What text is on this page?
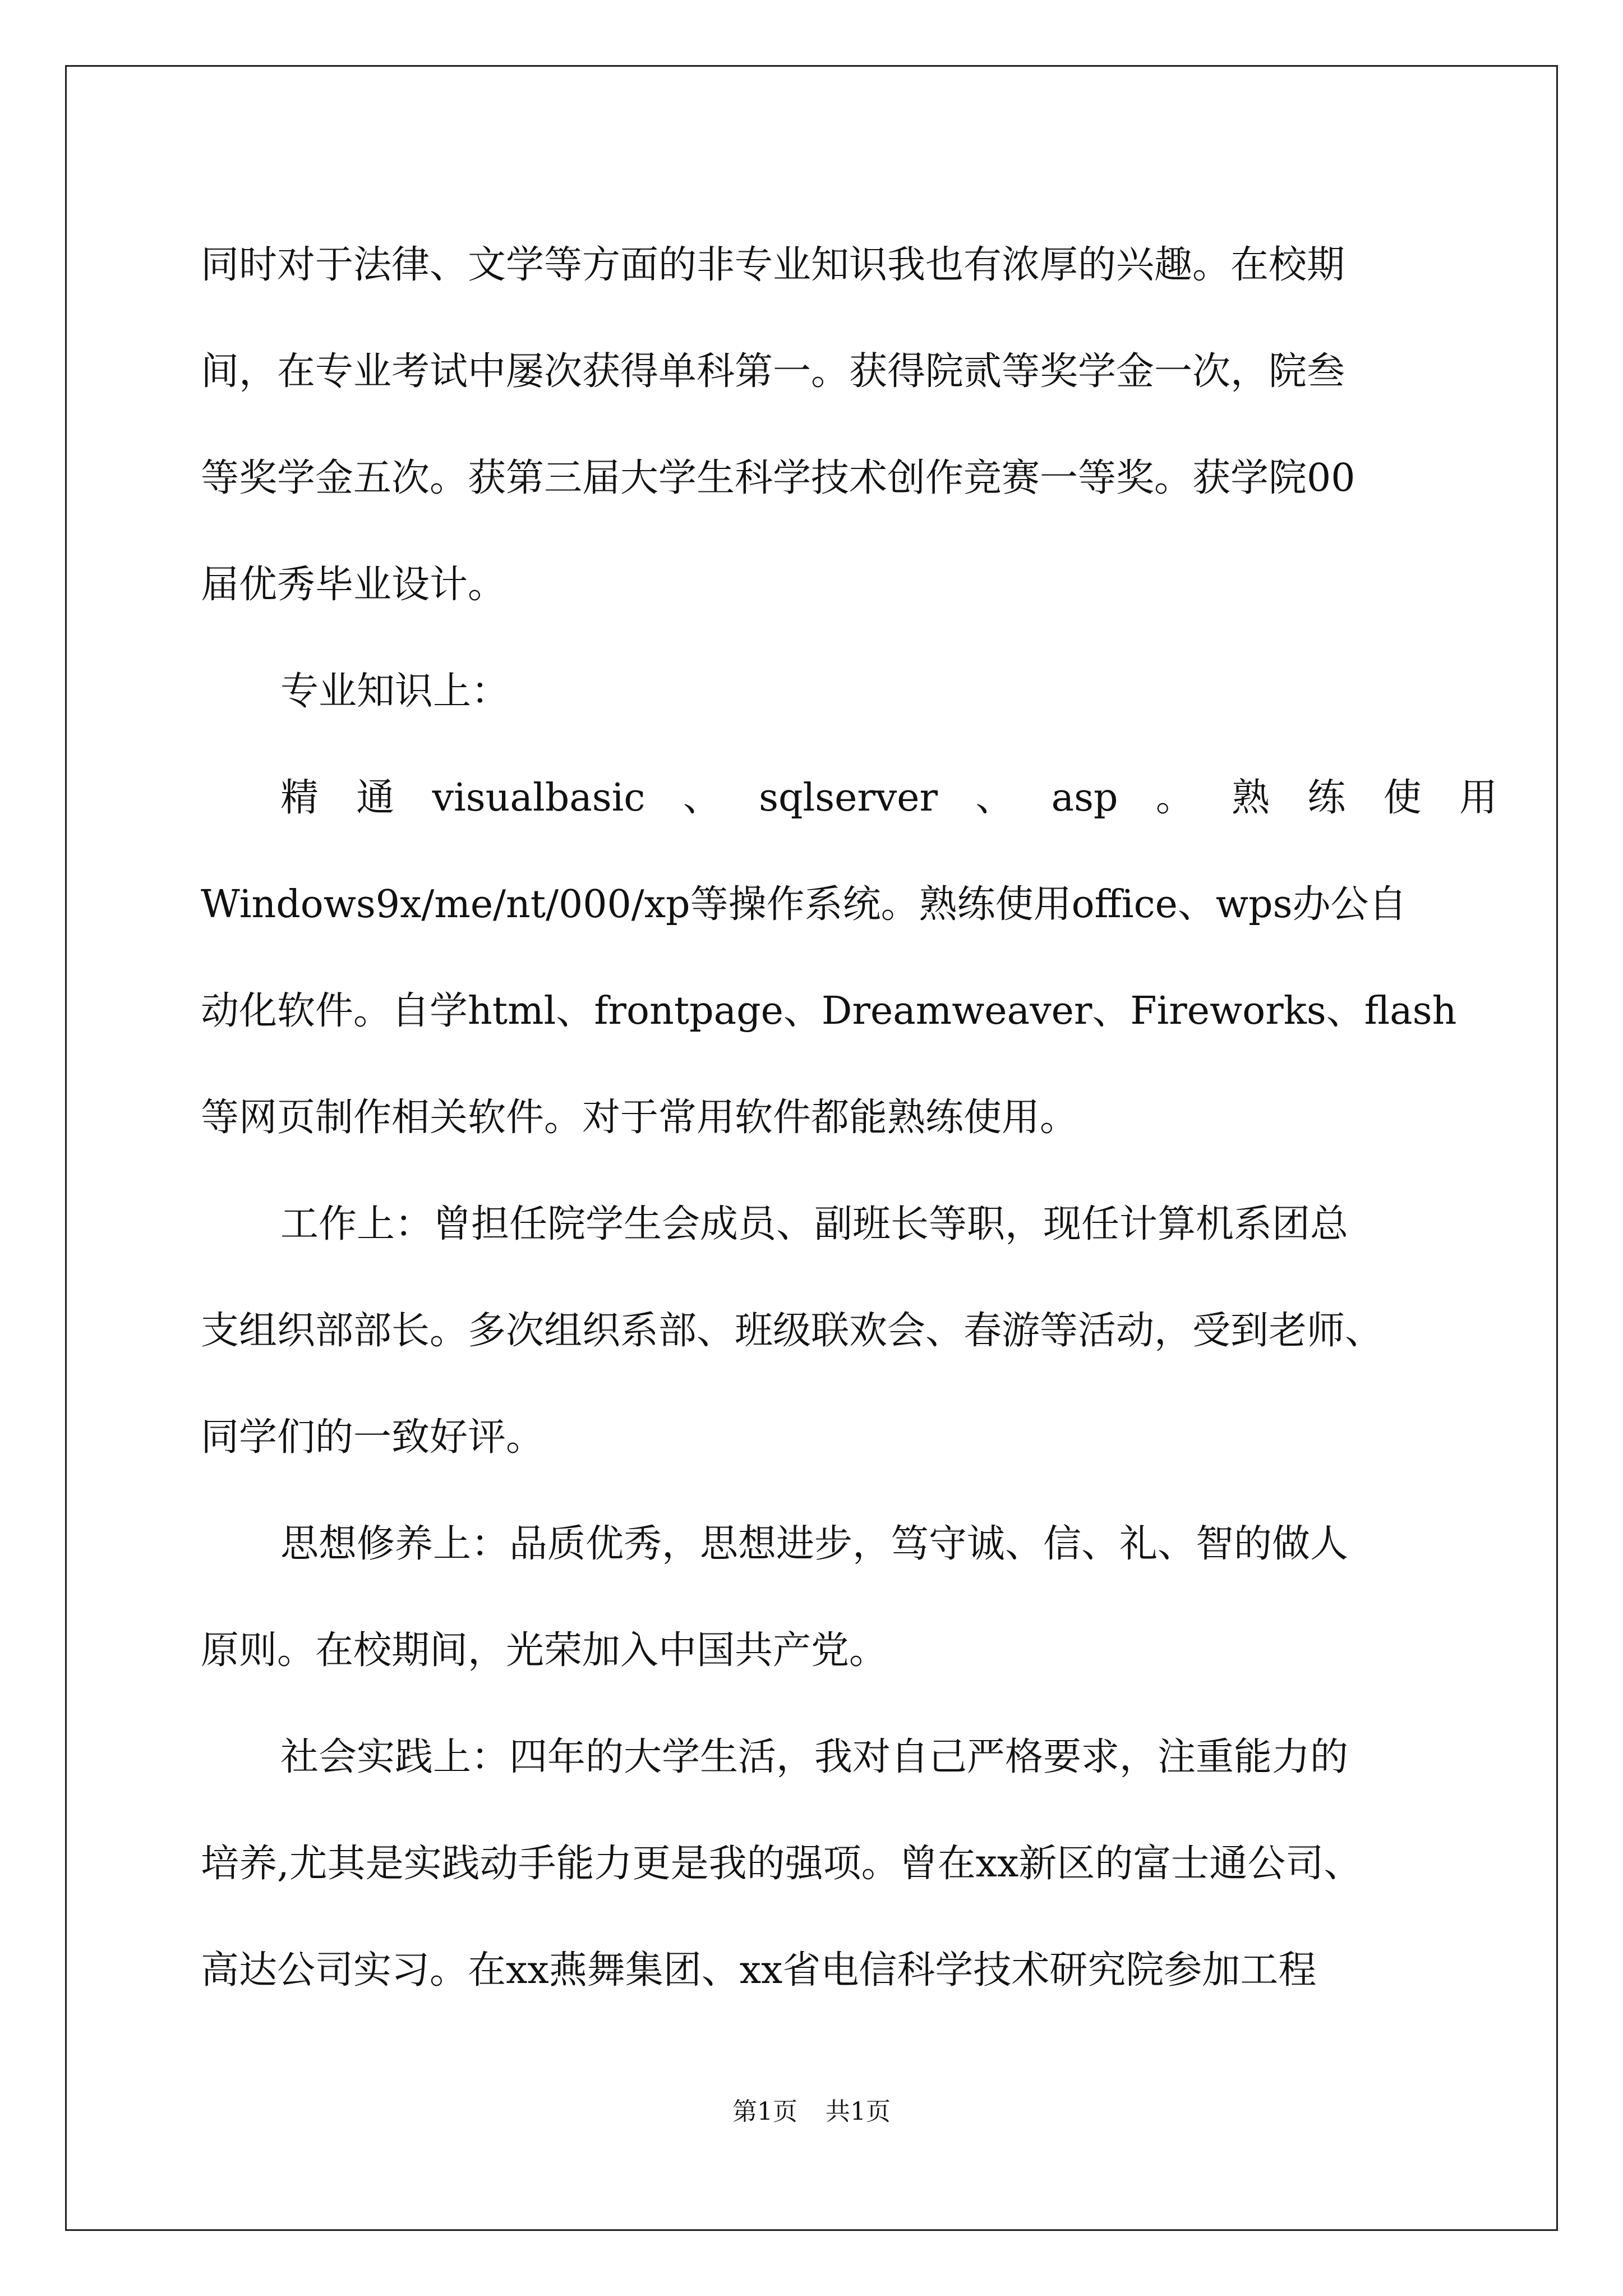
同时对于法律、文学等方面的非专业知识我也有浓厚的兴趣。在校期
间，在专业考试中屡次获得单科第一。获得院贰等奖学金一次，院叁
等奖学金五次。获第三届大学生科学技术创作竞赛一等奖。获学院00
届优秀毕业设计。
专业知识上：
精 通 visualbasic 、 sqlserver 、 asp 。 熟 练 使 用
Windows9x/me/nt/000/xp等操作系统。熟练使用office、wps办公自
动化软件。自学html、frontpage、Dreamweaver、Fireworks、flash
等网页制作相关软件。对于常用软件都能熟练使用。
工作上：曾担任院学生会成员、副班长等职，现任计算机系团总
支组织部部长。多次组织系部、班级联欢会、春游等活动，受到老师、
同学们的一致好评。
思想修养上：品质优秀，思想进步，笃守诚、信、礼、智的做人
原则。在校期间，光荣加入中国共产党。
社会实践上：四年的大学生活，我对自己严格要求，注重能力的
培养,尤其是实践动手能力更是我的强项。曾在xx新区的富士通公司、
高达公司实习。在xx燕舞集团、xx省电信科学技术研究院参加工程
第1页 共1页
